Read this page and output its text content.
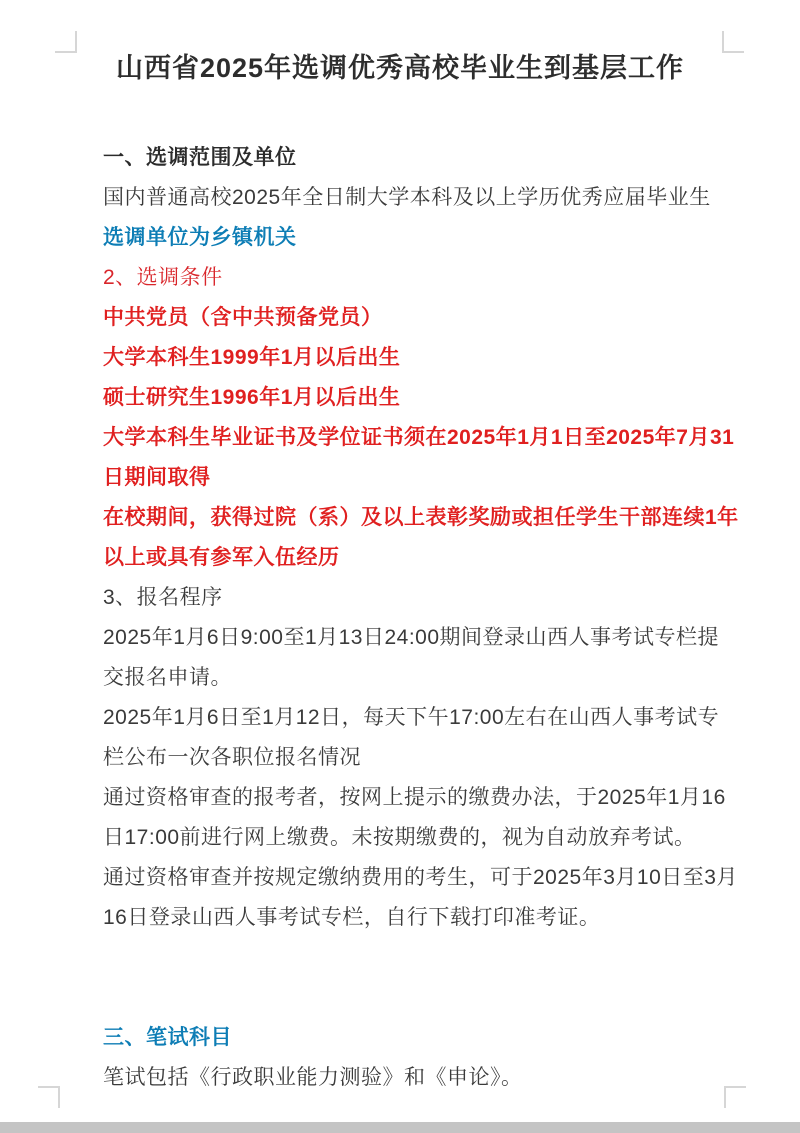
山西省2025年选调优秀高校毕业生到基层工作

一、选调范围及单位

国内普通高校2025年全日制大学本科及以上学历优秀应届毕业生

选调单位为乡镇机关

2、选调条件

中共党员（含中共预备党员）

大学本科生1999年1月以后出生

硕士研究生1996年1月以后出生

大学本科生毕业证书及学位证书须在2025年1月1日至2025年7月31日期间取得

在校期间，获得过院（系）及以上表彰奖励或担任学生干部连续1年以上或具有参军入伍经历

3、报名程序

2025年1月6日9:00至1月13日24:00期间登录山西人事考试专栏提交报名申请。

2025年1月6日至1月12日，每天下午17:00左右在山西人事考试专栏公布一次各职位报名情况

通过资格审查的报考者，按网上提示的缴费办法，于2025年1月16日17:00前进行网上缴费。未按期缴费的，视为自动放弃考试。

通过资格审查并按规定缴纳费用的考生，可于2025年3月10日至3月16日登录山西人事考试专栏，自行下载打印准考证。

三、笔试科目

笔试包括《行政职业能力测验》和《申论》。
